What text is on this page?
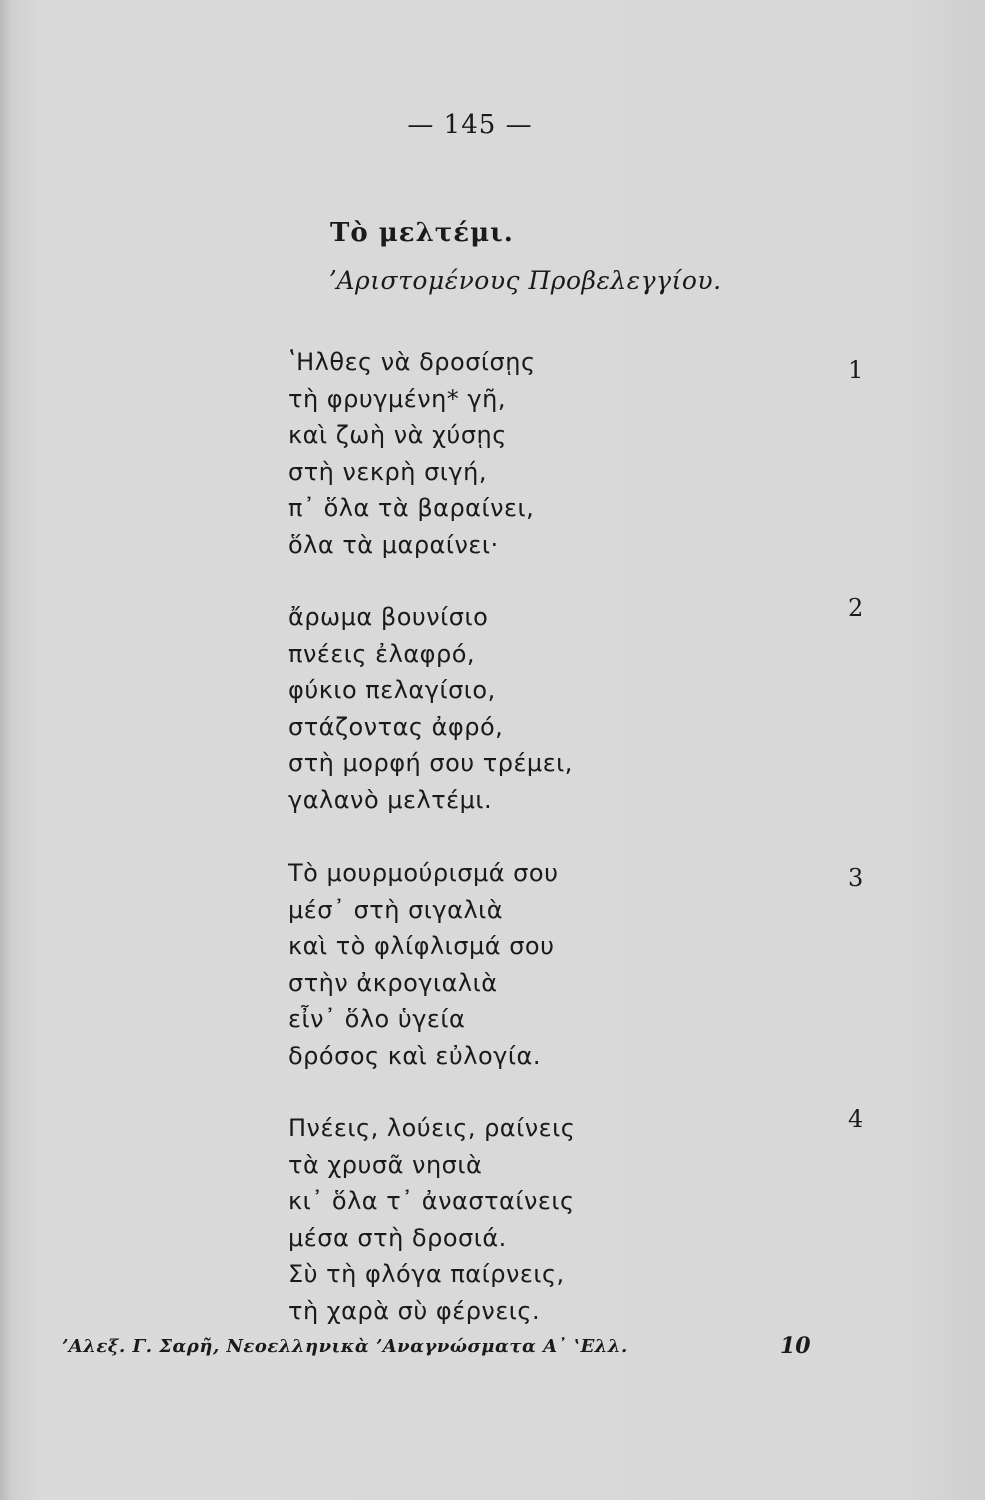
— 145 —
Τὸ μελτέμι.
ʼΑριστομένους Προβελεγγίου.
ʽΗλθες νὰ δροσίσῃς
τὴ φρυγμένη* γῆ,
καὶ ζωὴ νὰ χύσῃς
στὴ νεκρὴ σιγή,
π᾽ ὅλα τὰ βαραίνει,
ὅλα τὰ μαραίνει·
1
ἄρωμα βουνίσιο
πνέεις ἐλαφρό,
φύκιο πελαγίσιο,
στάζοντας ἀφρό,
στὴ μορφή σου τρέμει,
γαλανὸ μελτέμι.
2
Τὸ μουρμούρισμά σου
μέσ᾽ στὴ σιγαλιὰ
καὶ τὸ φλίφλισμά σου
στὴν ἀκρογιαλιὰ
εἶν᾽ ὅλο ὑγεία
δρόσος καὶ εὐλογία.
3
Πνέεις, λούεις, ραίνεις
τὰ χρυσᾶ νησιὰ
κι᾽ ὅλα τ᾽ ἀνασταίνεις
μέσα στὴ δροσιά.
Σὺ τὴ φλόγα παίρνεις,
τὴ χαρὰ σὺ φέρνεις.
4
ʼΑλεξ. Γ. Σαρῆ, Νεοελληνικὰ ʼΑναγνώσματα Α᾽ ʽΕλλ.	10
